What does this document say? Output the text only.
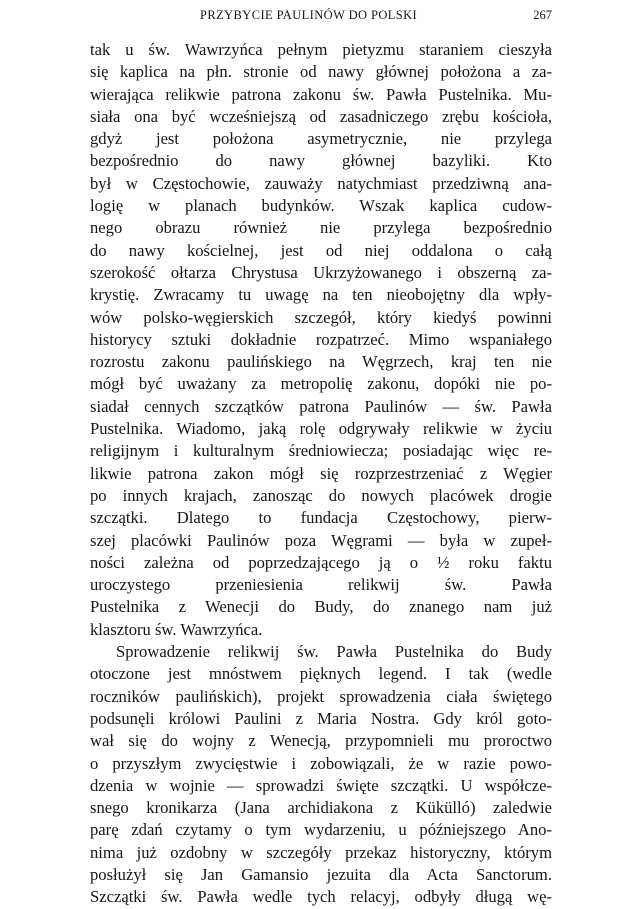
PRZYBYCIE PAULINÓW DO POLSKI	267
tak u św. Wawrzyńca pełnym pietyzmu staraniem cieszyła
się kaplica na płn. stronie od nawy głównej położona a za-
wierająca relikwie patrona zakonu św. Pawła Pustelnika. Mu-
siała ona być wcześniejszą od zasadniczego zrębu kościoła,
gdyż jest położona asymetrycznie, nie przylega
bezpośrednio do nawy głównej bazyliki. Kto
był w Częstochowie, zauważy natychmiast przedziwną ana-
logię w planach budynków. Wszak kaplica cudow-
nego obrazu również nie przylega bezpośrednio
do nawy kościelnej, jest od niej oddalona o całą
szerokość ołtarza Chrystusa Ukrzyżowanego i obszerną za-
krystię. Zwracamy tu uwagę na ten nieobojętny dla wpły-
wów polsko-węgierskich szczegół, który kiedyś powinni
historycy sztuki dokładnie rozpatrzeć. Mimo wspaniałego
rozrostu zakonu paulińskiego na Węgrzech, kraj ten nie
mógł być uważany za metropolię zakonu, dopóki nie po-
siadał cennych szczątków patrona Paulinów — św. Pawła
Pustelnika. Wiadomo, jaką rolę odgrywały relikwie w życiu
religijnym i kulturalnym średniowiecza; posiadając więc re-
likwie patrona zakon mógł się rozprzestrzeniać z Węgier
po innych krajach, zanosząc do nowych placówek drogie
szczątki. Dlatego to fundacja Częstochowy, pierw-
szej placówki Paulinów poza Węgrami — była w zupeł-
ności zależna od poprzedzającego ją o ½ roku faktu
uroczystego przeniesienia relikwij św. Pawła
Pustelnika z Wenecji do Budy, do znanego nam już
klasztoru św. Wawrzyńca.
Sprowadzenie relikwij św. Pawła Pustelnika do Budy
otoczone jest mnóstwem pięknych legend. I tak (wedle
roczników paulińskich), projekt sprowadzenia ciała świętego
podsunęli królowi Paulini z Maria Nostra. Gdy król goto-
wał się do wojny z Wenecją, przypomnieli mu proroctwo
o przyszłym zwycięstwie i zobowiązali, że w razie powo-
dzenia w wojnie — sprowadzi święte szczątki. U współcze-
snego kronikarza (Jana archidiakona z Kükülló) zaledwie
parę zdań czytamy o tym wydarzeniu, u późniejszego Ano-
nima już ozdobny w szczegóły przekaz historyczny, którym
posłużył się Jan Gamansio jezuita dla Acta Sanctorum.
Szczątki św. Pawła wedle tych relacyj, odbyły długą wę-
